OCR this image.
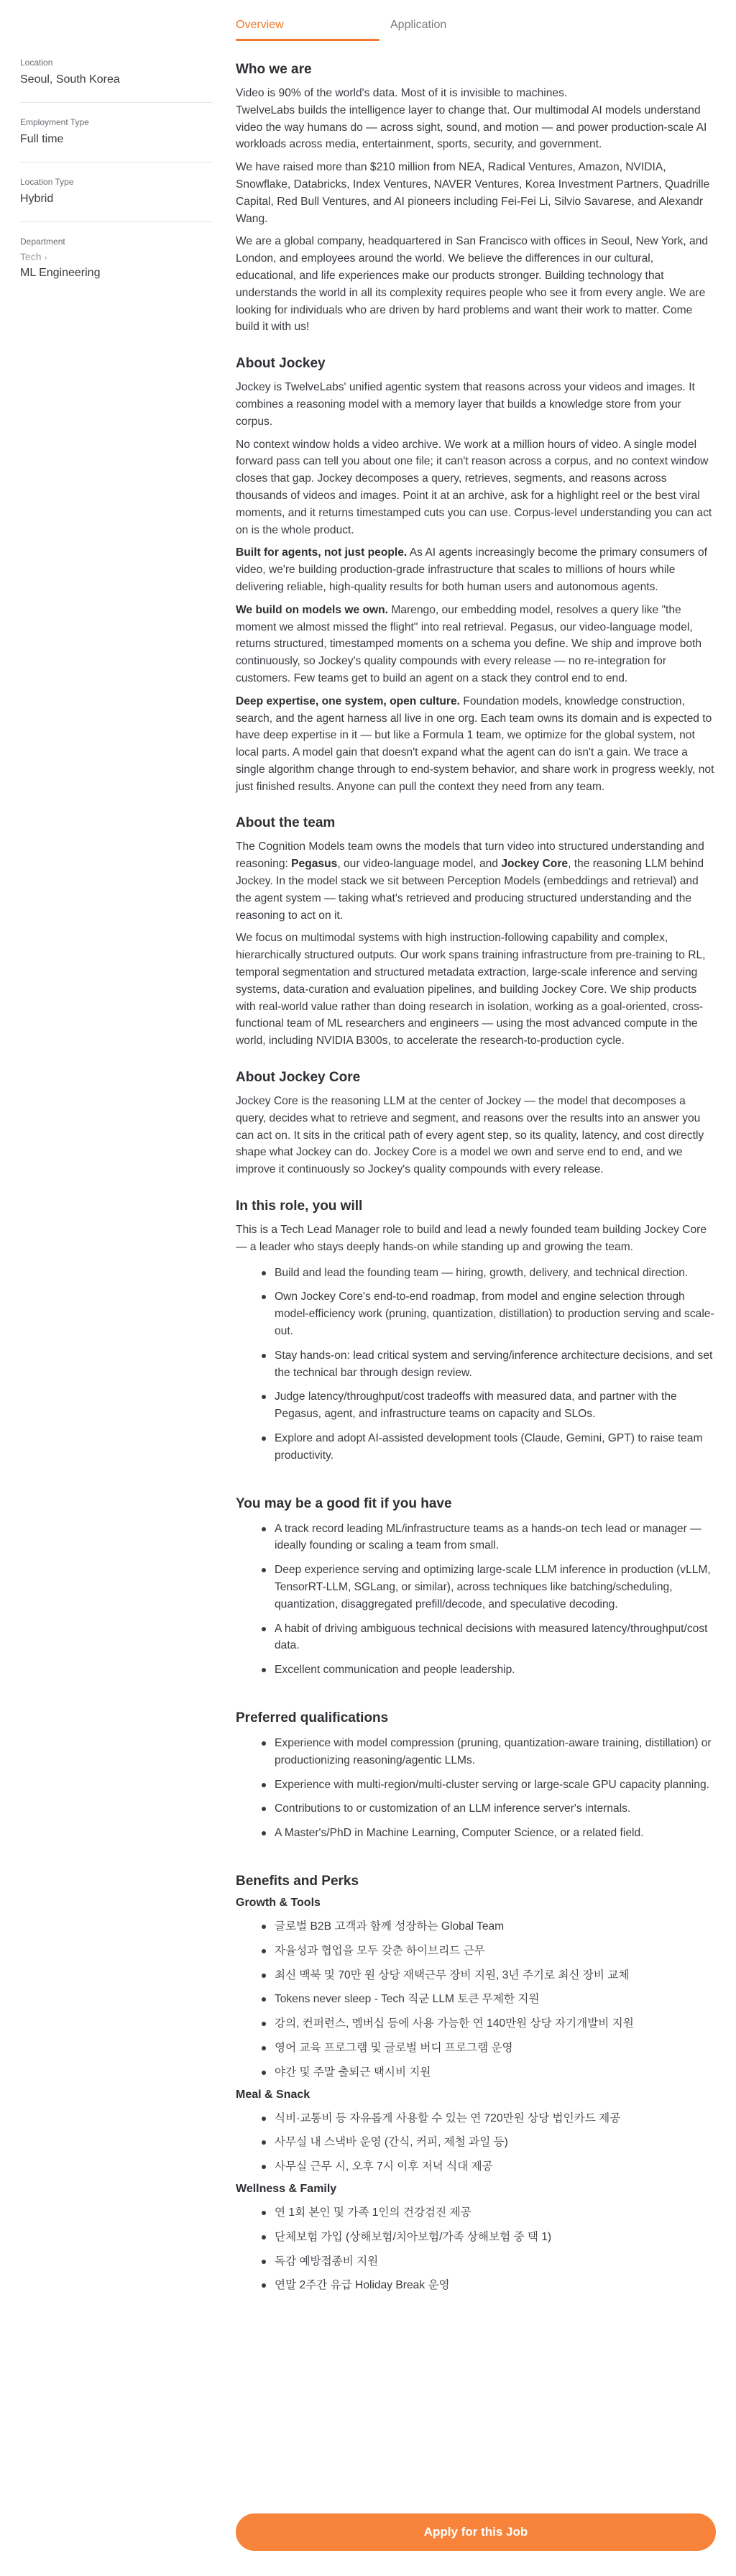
Overview	Application
Location
Seoul, South Korea
Employment Type
Full time
Location Type
Hybrid
Department
Tech ›
ML Engineering
Who we are

Video is 90% of the world's data. Most of it is invisible to machines.

TwelveLabs builds the intelligence layer to change that. Our multimodal AI models understand video the way humans do — across sight, sound, and motion — and power production-scale AI workloads across media, entertainment, sports, security, and government.

We have raised more than $210 million from NEA, Radical Ventures, Amazon, NVIDIA, Snowflake, Databricks, Index Ventures, NAVER Ventures, Korea Investment Partners, Quadrille Capital, Red Bull Ventures, and AI pioneers including Fei-Fei Li, Silvio Savarese, and Alexandr Wang.

We are a global company, headquartered in San Francisco with offices in Seoul, New York, and London, and employees around the world. We believe the differences in our cultural, educational, and life experiences make our products stronger. Building technology that understands the world in all its complexity requires people who see it from every angle. We are looking for individuals who are driven by hard problems and want their work to matter. Come build it with us!

About Jockey

Jockey is TwelveLabs' unified agentic system that reasons across your videos and images. It combines a reasoning model with a memory layer that builds a knowledge store from your corpus.

No context window holds a video archive. We work at a million hours of video. A single model forward pass can tell you about one file; it can't reason across a corpus, and no context window closes that gap. Jockey decomposes a query, retrieves, segments, and reasons across thousands of videos and images. Point it at an archive, ask for a highlight reel or the best viral moments, and it returns timestamped cuts you can use. Corpus-level understanding you can act on is the whole product.

Built for agents, not just people. As AI agents increasingly become the primary consumers of video, we're building production-grade infrastructure that scales to millions of hours while delivering reliable, high-quality results for both human users and autonomous agents.

We build on models we own. Marengo, our embedding model, resolves a query like "the moment we almost missed the flight" into real retrieval. Pegasus, our video-language model, returns structured, timestamped moments on a schema you define. We ship and improve both continuously, so Jockey's quality compounds with every release — no re-integration for customers. Few teams get to build an agent on a stack they control end to end.

Deep expertise, one system, open culture. Foundation models, knowledge construction, search, and the agent harness all live in one org. Each team owns its domain and is expected to have deep expertise in it — but like a Formula 1 team, we optimize for the global system, not local parts. A model gain that doesn't expand what the agent can do isn't a gain. We trace a single algorithm change through to end-system behavior, and share work in progress weekly, not just finished results. Anyone can pull the context they need from any team.

About the team

The Cognition Models team owns the models that turn video into structured understanding and reasoning: Pegasus, our video-language model, and Jockey Core, the reasoning LLM behind Jockey. In the model stack we sit between Perception Models (embeddings and retrieval) and the agent system — taking what's retrieved and producing structured understanding and the reasoning to act on it.

We focus on multimodal systems with high instruction-following capability and complex, hierarchically structured outputs. Our work spans training infrastructure from pre-training to RL, temporal segmentation and structured metadata extraction, large-scale inference and serving systems, data-curation and evaluation pipelines, and building Jockey Core. We ship products with real-world value rather than doing research in isolation, working as a goal-oriented, cross-functional team of ML researchers and engineers — using the most advanced compute in the world, including NVIDIA B300s, to accelerate the research-to-production cycle.

About Jockey Core

Jockey Core is the reasoning LLM at the center of Jockey — the model that decomposes a query, decides what to retrieve and segment, and reasons over the results into an answer you can act on. It sits in the critical path of every agent step, so its quality, latency, and cost directly shape what Jockey can do. Jockey Core is a model we own and serve end to end, and we improve it continuously so Jockey's quality compounds with every release.

In this role, you will

This is a Tech Lead Manager role to build and lead a newly founded team building Jockey Core — a leader who stays deeply hands-on while standing up and growing the team.

Build and lead the founding team — hiring, growth, delivery, and technical direction.
Own Jockey Core's end-to-end roadmap, from model and engine selection through model-efficiency work (pruning, quantization, distillation) to production serving and scale-out.
Stay hands-on: lead critical system and serving/inference architecture decisions, and set the technical bar through design review.
Judge latency/throughput/cost tradeoffs with measured data, and partner with the Pegasus, agent, and infrastructure teams on capacity and SLOs.
Explore and adopt AI-assisted development tools (Claude, Gemini, GPT) to raise team productivity.
You may be a good fit if you have
A track record leading ML/infrastructure teams as a hands-on tech lead or manager — ideally founding or scaling a team from small.
Deep experience serving and optimizing large-scale LLM inference in production (vLLM, TensorRT-LLM, SGLang, or similar), across techniques like batching/scheduling, quantization, disaggregated prefill/decode, and speculative decoding.
A habit of driving ambiguous technical decisions with measured latency/throughput/cost data.
Excellent communication and people leadership.
Preferred qualifications
Experience with model compression (pruning, quantization-aware training, distillation) or productionizing reasoning/agentic LLMs.
Experience with multi-region/multi-cluster serving or large-scale GPU capacity planning.
Contributions to or customization of an LLM inference server's internals.
A Master's/PhD in Machine Learning, Computer Science, or a related field.
Benefits and Perks
Growth & Tools
글로벌 B2B 고객과 함께 성장하는 Global Team
자율성과 협업을 모두 갖춘 하이브리드 근무
최신 맥북 및 70만 원 상당 재택근무 장비 지원, 3년 주기로 최신 장비 교체
Tokens never sleep - Tech 직군 LLM 토큰 무제한 지원
강의, 컨퍼런스, 멤버십 등에 사용 가능한 연 140만원 상당 자기개발비 지원
영어 교육 프로그램 및 글로벌 버디 프로그램 운영
야간 및 주말 출퇴근 택시비 지원
Meal & Snack
식비·교통비 등 자유롭게 사용할 수 있는 연 720만원 상당 법인카드 제공
사무실 내 스낵바 운영 (간식, 커피, 제철 과일 등)
사무실 근무 시, 오후 7시 이후 저녁 식대 제공
Wellness & Family
연 1회 본인 및 가족 1인의 건강검진 제공
단체보험 가입 (상해보험/치아보험/가족 상해보험 중 택 1)
독감 예방접종비 지원
연말 2주간 유급 Holiday Break 운영
Apply for this Job
